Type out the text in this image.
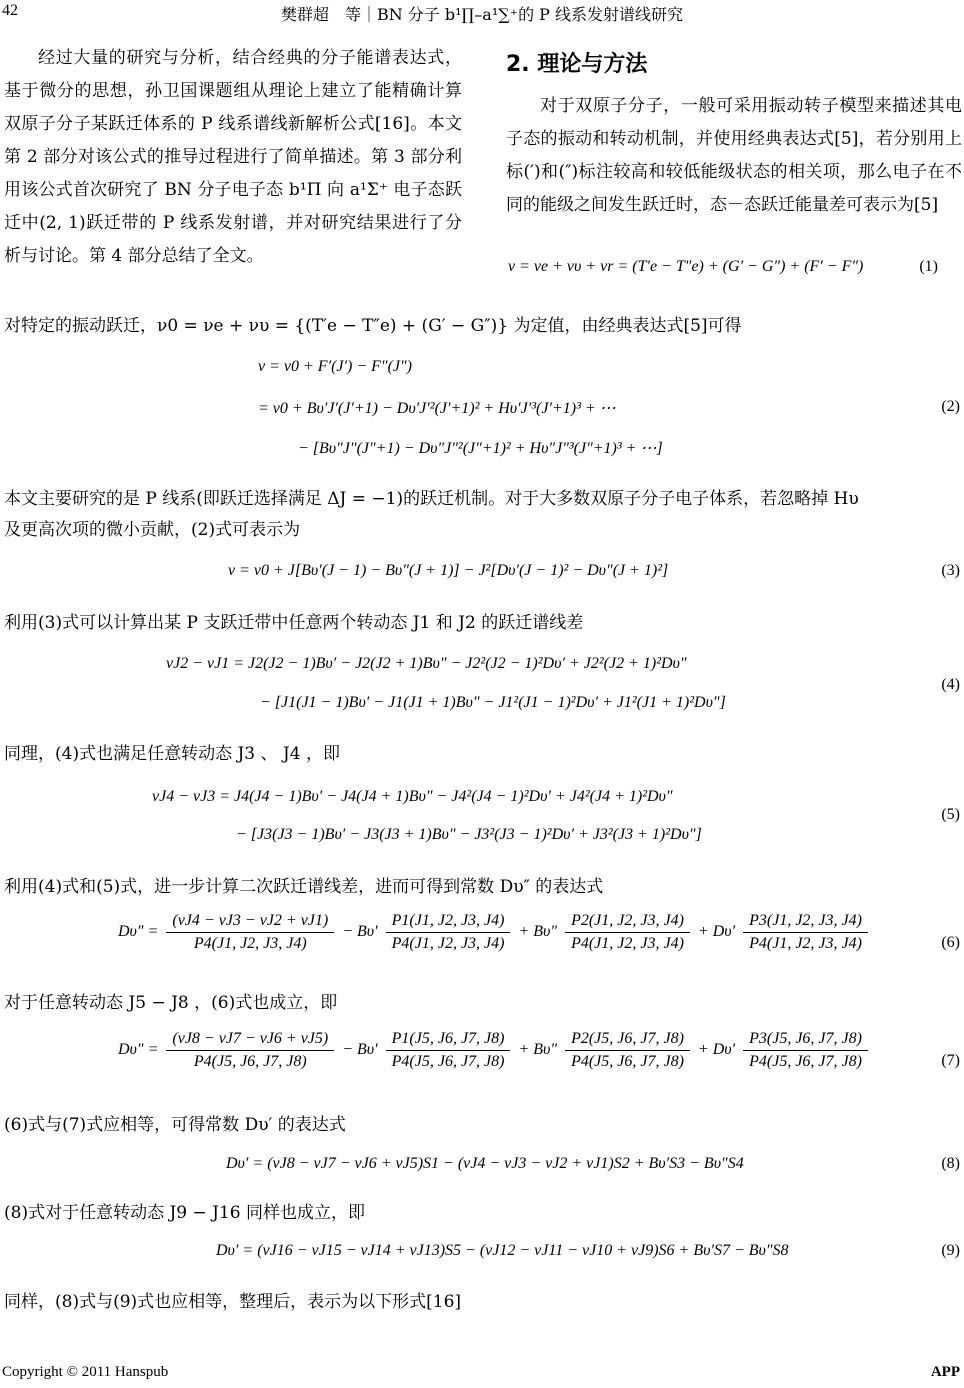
42	樊群超　等｜BN 分子 b¹∏–a¹∑⁺的 P 线系发射谱线研究

经过大量的研究与分析，结合经典的分子能谱表达式，基于微分的思想，孙卫国课题组从理论上建立了能精确计算双原子分子某跃迁体系的 P 线系谱线新解析公式[16]。本文第 2 部分对该公式的推导过程进行了简单描述。第 3 部分利用该公式首次研究了 BN 分子电子态 b¹Π 向 a¹Σ⁺ 电子态跃迁中(2, 1)跃迁带的 P 线系发射谱，并对研究结果进行了分析与讨论。第 4 部分总结了全文。

2. 理论与方法

对于双原子分子，一般可采用振动转子模型来描述其电子态的振动和转动机制，并使用经典表达式[5]，若分别用上标(′)和(″)标注较高和较低能级状态的相关项，那么电子在不同的能级之间发生跃迁时，态－态跃迁能量差可表示为[5]

ν = νe + νυ + νr = (T′e − T″e) + (G′ − G″) + (F′ − F″)	(1)
对特定的振动跃迁，ν0 = νe + νυ = {(T′e − T″e) + (G′ − G″)} 为定值，由经典表达式[5]可得
ν = ν0 + F′(J′) − F″(J″)
= ν0 + Bυ′J′(J′+1) − Dυ′J′²(J′+1)² + Hυ′J′³(J′+1)³ + ⋯	(2)
− [Bυ″J″(J″+1) − Dυ″J″²(J″+1)² + Hυ″J″³(J″+1)³ + ⋯]
本文主要研究的是 P 线系(即跃迁选择满足 ΔJ = −1)的跃迁机制。对于大多数双原子分子电子体系，若忽略掉 Hυ
及更高次项的微小贡献，(2)式可表示为
ν = ν0 + J[Bυ′(J − 1) − Bυ″(J + 1)] − J²[Dυ′(J − 1)² − Dυ″(J + 1)²]	(3)
利用(3)式可以计算出某 P 支跃迁带中任意两个转动态 J1 和 J2 的跃迁谱线差
νJ2 − νJ1 = J2(J2 − 1)Bυ′ − J2(J2 + 1)Bυ″ − J2²(J2 − 1)²Dυ′ + J2²(J2 + 1)²Dυ″
(4)
− [J1(J1 − 1)Bυ′ − J1(J1 + 1)Bυ″ − J1²(J1 − 1)²Dυ′ + J1²(J1 + 1)²Dυ″]
同理，(4)式也满足任意转动态 J3 、 J4 ，即
νJ4 − νJ3 = J4(J4 − 1)Bυ′ − J4(J4 + 1)Bυ″ − J4²(J4 − 1)²Dυ′ + J4²(J4 + 1)²Dυ″
(5)
− [J3(J3 − 1)Bυ′ − J3(J3 + 1)Bυ″ − J3²(J3 − 1)²Dυ′ + J3²(J3 + 1)²Dυ″]
利用(4)式和(5)式，进一步计算二次跃迁谱线差，进而可得到常数 Dυ″ 的表达式
$D\upsilon'' = \frac{(\nu J4 - \nu J3 - \nu J2 + \nu J1)}{P4(J1, J2, J3, J4)} - B\upsilon' \frac{P1(J1, J2, J3, J4)}{P4(J1, J2, J3, J4)} + B\upsilon'' \frac{P2(J1, J2, J3, J4)}{P4(J1, J2, J3, J4)} + D\upsilon' \frac{P3(J1, J2, J3, J4)}{P4(J1, J2, J3, J4)}$	(6)
对于任意转动态 J5 − J8 ，(6)式也成立，即
$D\upsilon'' = \frac{(\nu J8 - \nu J7 - \nu J6 + \nu J5)}{P4(J5, J6, J7, J8)} - B\upsilon' \frac{P1(J5, J6, J7, J8)}{P4(J5, J6, J7, J8)} + B\upsilon'' \frac{P2(J5, J6, J7, J8)}{P4(J5, J6, J7, J8)} + D\upsilon' \frac{P3(J5, J6, J7, J8)}{P4(J5, J6, J7, J8)}$	(7)
(6)式与(7)式应相等，可得常数 Dυ′ 的表达式
Dυ′ = (νJ8 − νJ7 − νJ6 + νJ5)S1 − (νJ4 − νJ3 − νJ2 + νJ1)S2 + Bυ′S3 − Bυ″S4	(8)
(8)式对于任意转动态 J9 − J16 同样也成立，即
Dυ′ = (νJ16 − νJ15 − νJ14 + νJ13)S5 − (νJ12 − νJ11 − νJ10 + νJ9)S6 + Bυ′S7 − Bυ″S8	(9)
同样，(8)式与(9)式也应相等，整理后，表示为以下形式[16]
Copyright © 2011 Hanspub	APP
